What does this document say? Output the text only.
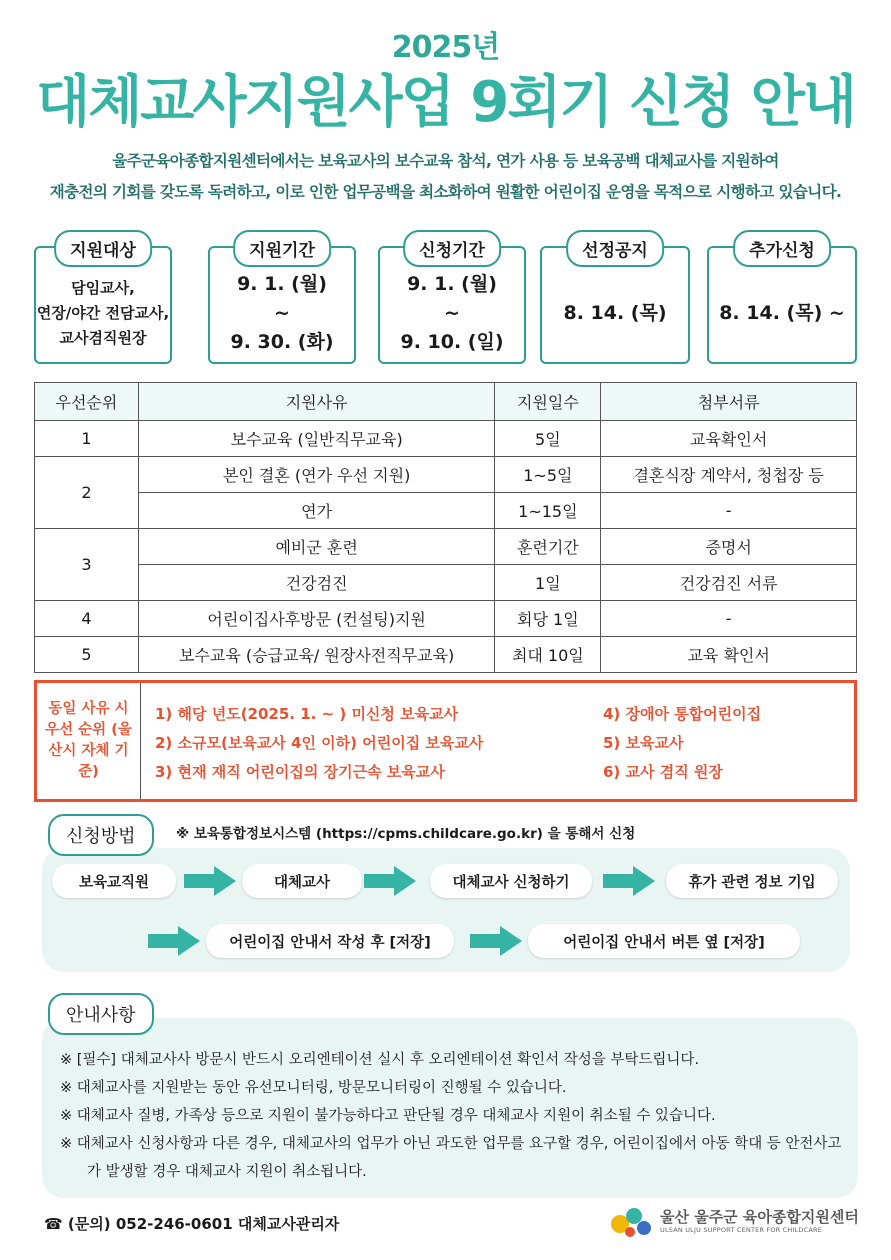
2025년
대체교사지원사업 9회기 신청 안내
울주군육아종합지원센터에서는 보육교사의 보수교육 참석, 연가 사용 등 보육공백 대체교사를 지원하여
재충전의 기회를 갖도록 독려하고, 이로 인한 업무공백을 최소화하여 원활한 어린이집 운영을 목적으로 시행하고 있습니다.
지원대상
담임교사,
연장/야간 전담교사,
교사겸직원장
지원기간
9. 1. (월)
~
9. 30. (화)
신청기간
9. 1. (월)
~
9. 10. (일)
선정공지
8. 14. (목)
추가신청
8. 14. (목) ~
우선순위	지원사유	지원일수	첨부서류
1	보수교육 (일반직무교육)	5일	교육확인서
2	본인 결혼 (연가 우선 지원)	1~5일	결혼식장 계약서, 청첩장 등
	연가	1~15일	-
3	예비군 훈련	훈련기간	증명서
	건강검진	1일	건강검진 서류
4	어린이집사후방문 (컨설팅)지원	회당 1일	-
5	보수교육 (승급교육/ 원장사전직무교육)	최대 10일	교육 확인서
동일 사유 시 우선 순위 (울산시 자체 기준)
1) 해당 년도(2025. 1. ~ ) 미신청 보육교사
2) 소규모(보육교사 4인 이하) 어린이집 보육교사
3) 현재 재직 어린이집의 장기근속 보육교사
4) 장애아 통합어린이집
5) 보육교사
6) 교사 겸직 원장
신청방법	※ 보육통합정보시스템 (https://cpms.childcare.go.kr) 을 통해서 신청
보육교직원	대체교사	대체교사 신청하기	휴가 관련 정보 기입
어린이집 안내서 작성 후 [저장]	어린이집 안내서 버튼 옆 [저장]
안내사항
※ [필수] 대체교사사 방문시 반드시 오리엔테이션 실시 후 오리엔테이션 확인서 작성을 부탁드립니다.
※ 대체교사를 지원받는 동안 유선모니터링, 방문모니터링이 진행될 수 있습니다.
※ 대체교사 질병, 가족상 등으로 지원이 불가능하다고 판단될 경우 대체교사 지원이 취소될 수 있습니다.
※ 대체교사 신청사항과 다른 경우, 대체교사의 업무가 아닌 과도한 업무를 요구할 경우, 어린이집에서 아동 학대 등 안전사고가 발생할 경우 대체교사 지원이 취소됩니다.
☎ (문의) 052-246-0601 대체교사관리자	울산 울주군 육아종합지원센터
ULSAN ULJU SUPPORT CENTER FOR CHILDCARE
